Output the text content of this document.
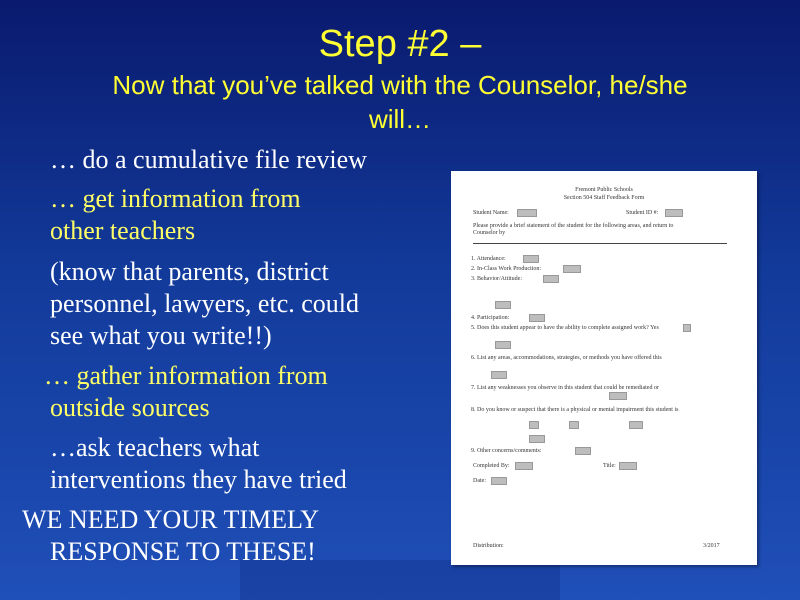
Step #2 –
Now that you’ve talked with the Counselor, he/she
will…
… do a cumulative file review
… get information from
other teachers
(know that parents, district
personnel, lawyers, etc. could
see what you write!!)
… gather information from
outside sources
…ask teachers what
interventions they have tried
WE NEED YOUR TIMELY
RESPONSE TO THESE!
Fremont Public Schools
Section 504 Staff Feedback Form
Student Name:	Student ID #:
Please provide a brief statement of the student for the following areas, and return to
Counselor by
1. Attendance:
2. In-Class Work Production:
3. Behavior/Attitude:
4. Participation:
5. Does this student appear to have the ability to complete assigned work? Yes
6. List any areas, accommodations, strategies, or methods you have offered this
7. List any weaknesses you observe in this student that could be remediated or
8. Do you know or suspect that there is a physical or mental impairment this student is
9. Other concerns/comments:
Completed By:	Title:
Date:
Distribution:	3/2017
